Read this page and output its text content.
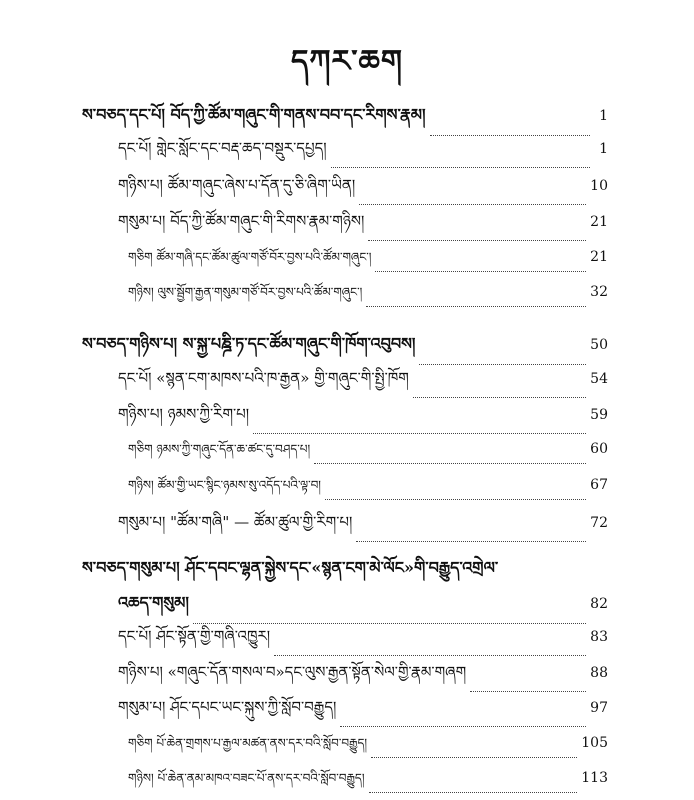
དཀར་ཆག
ས་བཅད་དང་པོ། བོད་ཀྱི་ཚོམ་གཞུང་གི་གནས་བབ་དང་རིགས་རྣམ།	1
དང་པོ། གླེང་སློང་དང་བརྡ་ཆད་བསྡུར་དཔྱད།	1
གཉིས་པ། ཚོམ་གཞུང་ཞེས་པ་དོན་དུ་ཅི་ཞིག་ཡིན།	10
གསུམ་པ། བོད་ཀྱི་ཚོམ་གཞུང་གི་རིགས་རྣམ་གཉིས།	21
གཅིག ཚོམ་གཞི་དང་ཚོམ་ཚུལ་གཙོ་བོར་བྱས་པའི་ཚོམ་གཞུང་།	21
གཉིས། ལུས་སྦྱོག་རྒྱན་གསུམ་གཙོ་བོར་བྱས་པའི་ཚོམ་གཞུང་།	32
ས་བཅད་གཉིས་པ། ས་སྐྱ་པཎྜི་ཏ་དང་ཚོམ་གཞུང་གི་ཁོག་འབུབས།	50
དང་པོ། «སྙན་ངག་མཁས་པའི་ཁ་རྒྱན» གྱི་གཞུང་གི་སྤྱི་ཁོག	54
གཉིས་པ། ཉམས་ཀྱི་རིག་པ།	59
གཅིག ཉམས་ཀྱི་གཞུང་དོན་ཆ་ཚང་དུ་བཤད་པ།	60
གཉིས། ཚོམ་གྱི་ཡང་སྙིང་ཉམས་སུ་འདོད་པའི་ལྟ་བ།	67
གསུམ་པ། "ཚོམ་གཞི" — ཚོམ་ཚུལ་གྱི་རིག་པ།	72
ས་བཅད་གསུམ་པ། ཤོང་དབང་ལྷན་སྐྱེས་དང་«སྙན་ངག་མེ་ལོང»གི་བརྒྱུད་འགྲེལ་
འཆད་གསུམ།	82
དང་པོ། ཤོང་སྟོན་གྱི་གཞི་འཁྱུར།	83
གཉིས་པ། «གཞུང་དོན་གསལ་བ»དང་ལུས་རྒྱན་སྟོན་སེལ་གྱི་རྣམ་གཞག	88
གསུམ་པ། ཤོང་དཔང་ཡང་སྐུས་ཀྱི་སློབ་བརྒྱུད།	97
གཅིག པོ་ཆེན་གྲགས་པ་རྒྱལ་མཚན་ནས་དར་བའི་སློབ་བརྒྱུད།	105
གཉིས། པོ་ཆེན་ནམ་མཁའ་བཟང་པོ་ནས་དར་བའི་སློབ་བརྒྱུད།	113
